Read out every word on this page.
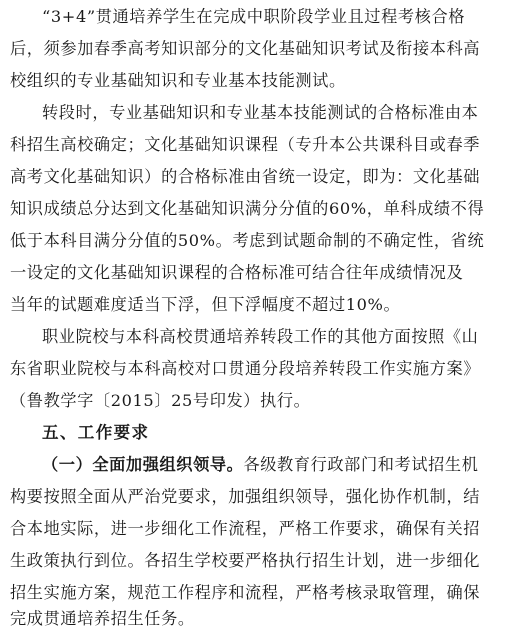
“3+4”贯通培养学生在完成中职阶段学业且过程考核合格
后，须参加春季高考知识部分的文化基础知识考试及衔接本科高
校组织的专业基础知识和专业基本技能测试。
转段时，专业基础知识和专业基本技能测试的合格标准由本
科招生高校确定；文化基础知识课程（专升本公共课科目或春季
高考文化基础知识）的合格标准由省统一设定，即为：文化基础
知识成绩总分达到文化基础知识满分分值的60%，单科成绩不得
低于本科目满分分值的50%。考虑到试题命制的不确定性，省统
一设定的文化基础知识课程的合格标准可结合往年成绩情况及
当年的试题难度适当下浮，但下浮幅度不超过10%。
职业院校与本科高校贯通培养转段工作的其他方面按照《山
东省职业院校与本科高校对口贯通分段培养转段工作实施方案》
（鲁教学字〔2015〕25号印发）执行。
五、工作要求
（一）全面加强组织领导。各级教育行政部门和考试招生机
构要按照全面从严治党要求，加强组织领导，强化协作机制，结
合本地实际，进一步细化工作流程，严格工作要求，确保有关招
生政策执行到位。各招生学校要严格执行招生计划，进一步细化
招生实施方案，规范工作程序和流程，严格考核录取管理，确保
完成贯通培养招生任务。
